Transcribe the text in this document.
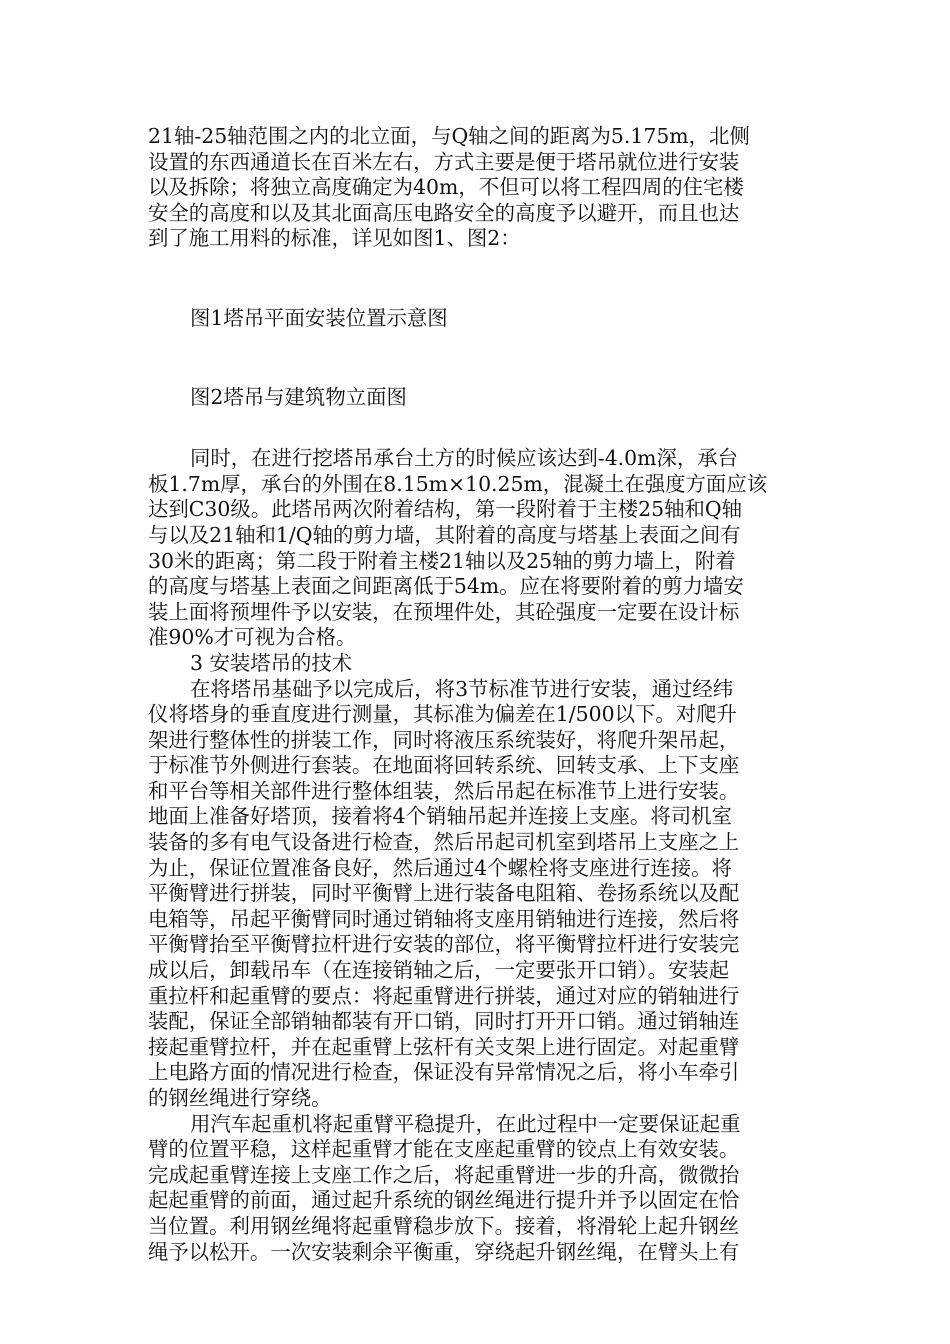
21轴-25轴范围之内的北立面，与Q轴之间的距离为5.175m，北侧
设置的东西通道长在百米左右，方式主要是便于塔吊就位进行安装
以及拆除；将独立高度确定为40m，不但可以将工程四周的住宅楼
安全的高度和以及其北面高压电路安全的高度予以避开，而且也达
到了施工用料的标准，详见如图1、图2：
图1塔吊平面安装位置示意图
图2塔吊与建筑物立面图
同时，在进行挖塔吊承台土方的时候应该达到-4.0m深，承台
板1.7m厚，承台的外围在8.15m×10.25m，混凝土在强度方面应该
达到C30级。此塔吊两次附着结构，第一段附着于主楼25轴和Q轴
与以及21轴和1/Q轴的剪力墙，其附着的高度与塔基上表面之间有
30米的距离；第二段于附着主楼21轴以及25轴的剪力墙上，附着
的高度与塔基上表面之间距离低于54m。应在将要附着的剪力墙安
装上面将预埋件予以安装，在预埋件处，其砼强度一定要在设计标
准90%才可视为合格。
3 安装塔吊的技术
在将塔吊基础予以完成后，将3节标准节进行安装，通过经纬
仪将塔身的垂直度进行测量，其标准为偏差在1/500以下。对爬升
架进行整体性的拼装工作，同时将液压系统装好，将爬升架吊起，
于标准节外侧进行套装。在地面将回转系统、回转支承、上下支座
和平台等相关部件进行整体组装，然后吊起在标准节上进行安装。
地面上准备好塔顶，接着将4个销轴吊起并连接上支座。将司机室
装备的多有电气设备进行检查，然后吊起司机室到塔吊上支座之上
为止，保证位置准备良好，然后通过4个螺栓将支座进行连接。将
平衡臂进行拼装，同时平衡臂上进行装备电阻箱、卷扬系统以及配
电箱等，吊起平衡臂同时通过销轴将支座用销轴进行连接，然后将
平衡臂抬至平衡臂拉杆进行安装的部位，将平衡臂拉杆进行安装完
成以后，卸载吊车（在连接销轴之后，一定要张开口销）。安装起
重拉杆和起重臂的要点：将起重臂进行拼装，通过对应的销轴进行
装配，保证全部销轴都装有开口销，同时打开开口销。通过销轴连
接起重臂拉杆，并在起重臂上弦杆有关支架上进行固定。对起重臂
上电路方面的情况进行检查，保证没有异常情况之后，将小车牵引
的钢丝绳进行穿绕。
用汽车起重机将起重臂平稳提升，在此过程中一定要保证起重
臂的位置平稳，这样起重臂才能在支座起重臂的铰点上有效安装。
完成起重臂连接上支座工作之后，将起重臂进一步的升高，微微抬
起起重臂的前面，通过起升系统的钢丝绳进行提升并予以固定在恰
当位置。利用钢丝绳将起重臂稳步放下。接着，将滑轮上起升钢丝
绳予以松开。一次安装剩余平衡重，穿绕起升钢丝绳，在臂头上有
